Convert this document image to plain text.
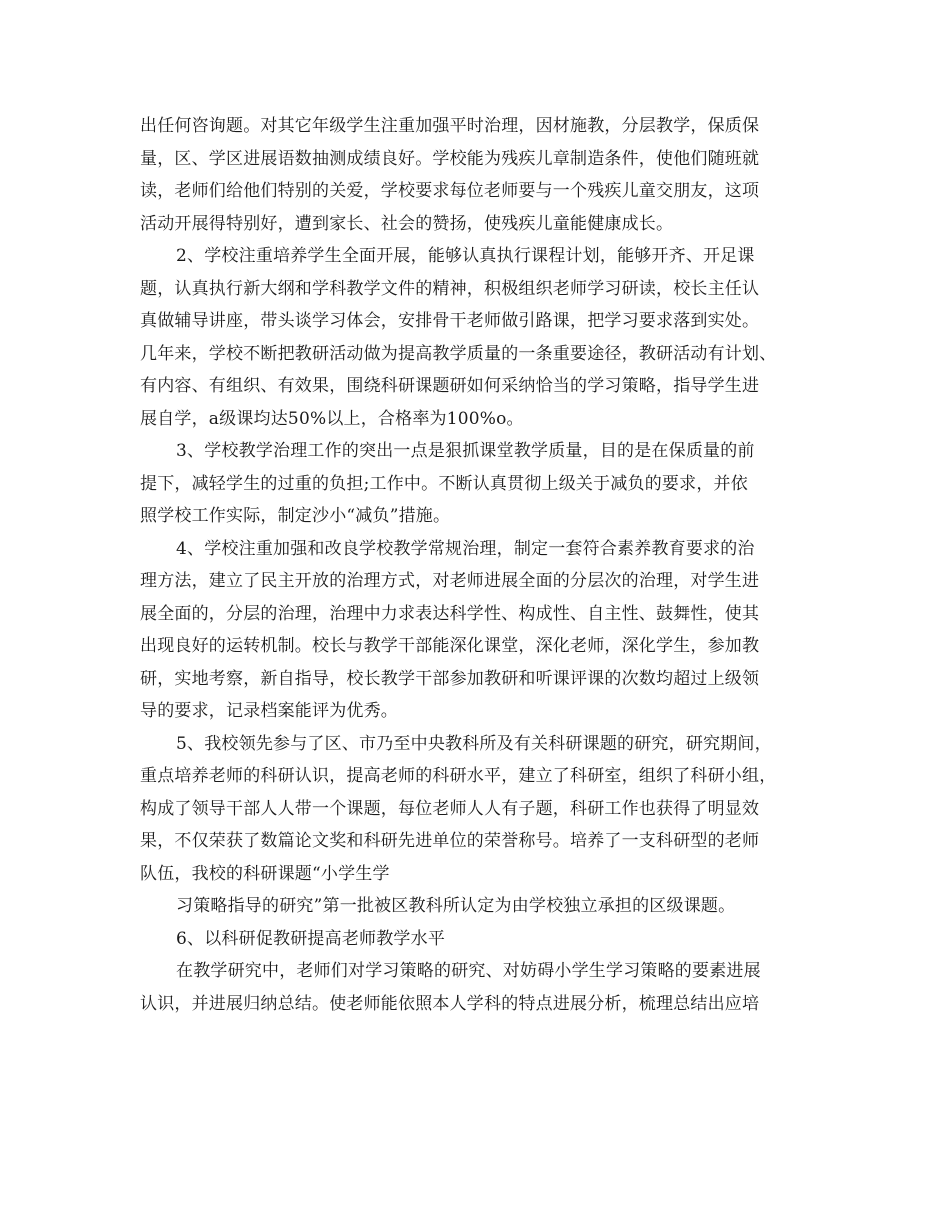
出任何咨询题。对其它年级学生注重加强平时治理，因材施教，分层教学，保质保
量，区、学区进展语数抽测成绩良好。学校能为残疾儿章制造条件，使他们随班就
读，老师们给他们特别的关爱，学校要求每位老师要与一个残疾儿童交朋友，这项
活动开展得特别好，遭到家长、社会的赞扬，使残疾儿童能健康成长。
2、学校注重培养学生全面开展，能够认真执行课程计划，能够开齐、开足课
题，认真执行新大纲和学科教学文件的精神，积极组织老师学习研读，校长主任认
真做辅导讲座，带头谈学习体会，安排骨干老师做引路课，把学习要求落到实处。
几年来，学校不断把教研活动做为提高教学质量的一条重要途径，教研活动有计划、
有内容、有组织、有效果，围绕科研课题研如何采纳恰当的学习策略，指导学生进
展自学，a级课均达50%以上，合格率为100%o。
3、学校教学治理工作的突出一点是狠抓课堂教学质量，目的是在保质量的前
提下，减轻学生的过重的负担;工作中。不断认真贯彻上级关于减负的要求，并依
照学校工作实际，制定沙小“减负”措施。
4、学校注重加强和改良学校教学常规治理，制定一套符合素养教育要求的治
理方法，建立了民主开放的治理方式，对老师进展全面的分层次的治理，对学生进
展全面的，分层的治理，治理中力求表达科学性、构成性、自主性、鼓舞性，使其
出现良好的运转机制。校长与教学干部能深化课堂，深化老师，深化学生，参加教
研，实地考察，新自指导，校长教学干部参加教研和听课评课的次数均超过上级领
导的要求，记录档案能评为优秀。
5、我校领先参与了区、市乃至中央教科所及有关科研课题的研究，研究期间，
重点培养老师的科研认识，提高老师的科研水平，建立了科研室，组织了科研小组，
构成了领导干部人人带一个课题，每位老师人人有子题，科研工作也获得了明显效
果，不仅荣获了数篇论文奖和科研先进单位的荣誉称号。培养了一支科研型的老师
队伍，我校的科研课题“小学生学
习策略指导的研究”第一批被区教科所认定为由学校独立承担的区级课题。
6、以科研促教研提高老师教学水平
在教学研究中，老师们对学习策略的研究、对妨碍小学生学习策略的要素进展
认识，并进展归纳总结。使老师能依照本人学科的特点进展分析，梳理总结出应培
